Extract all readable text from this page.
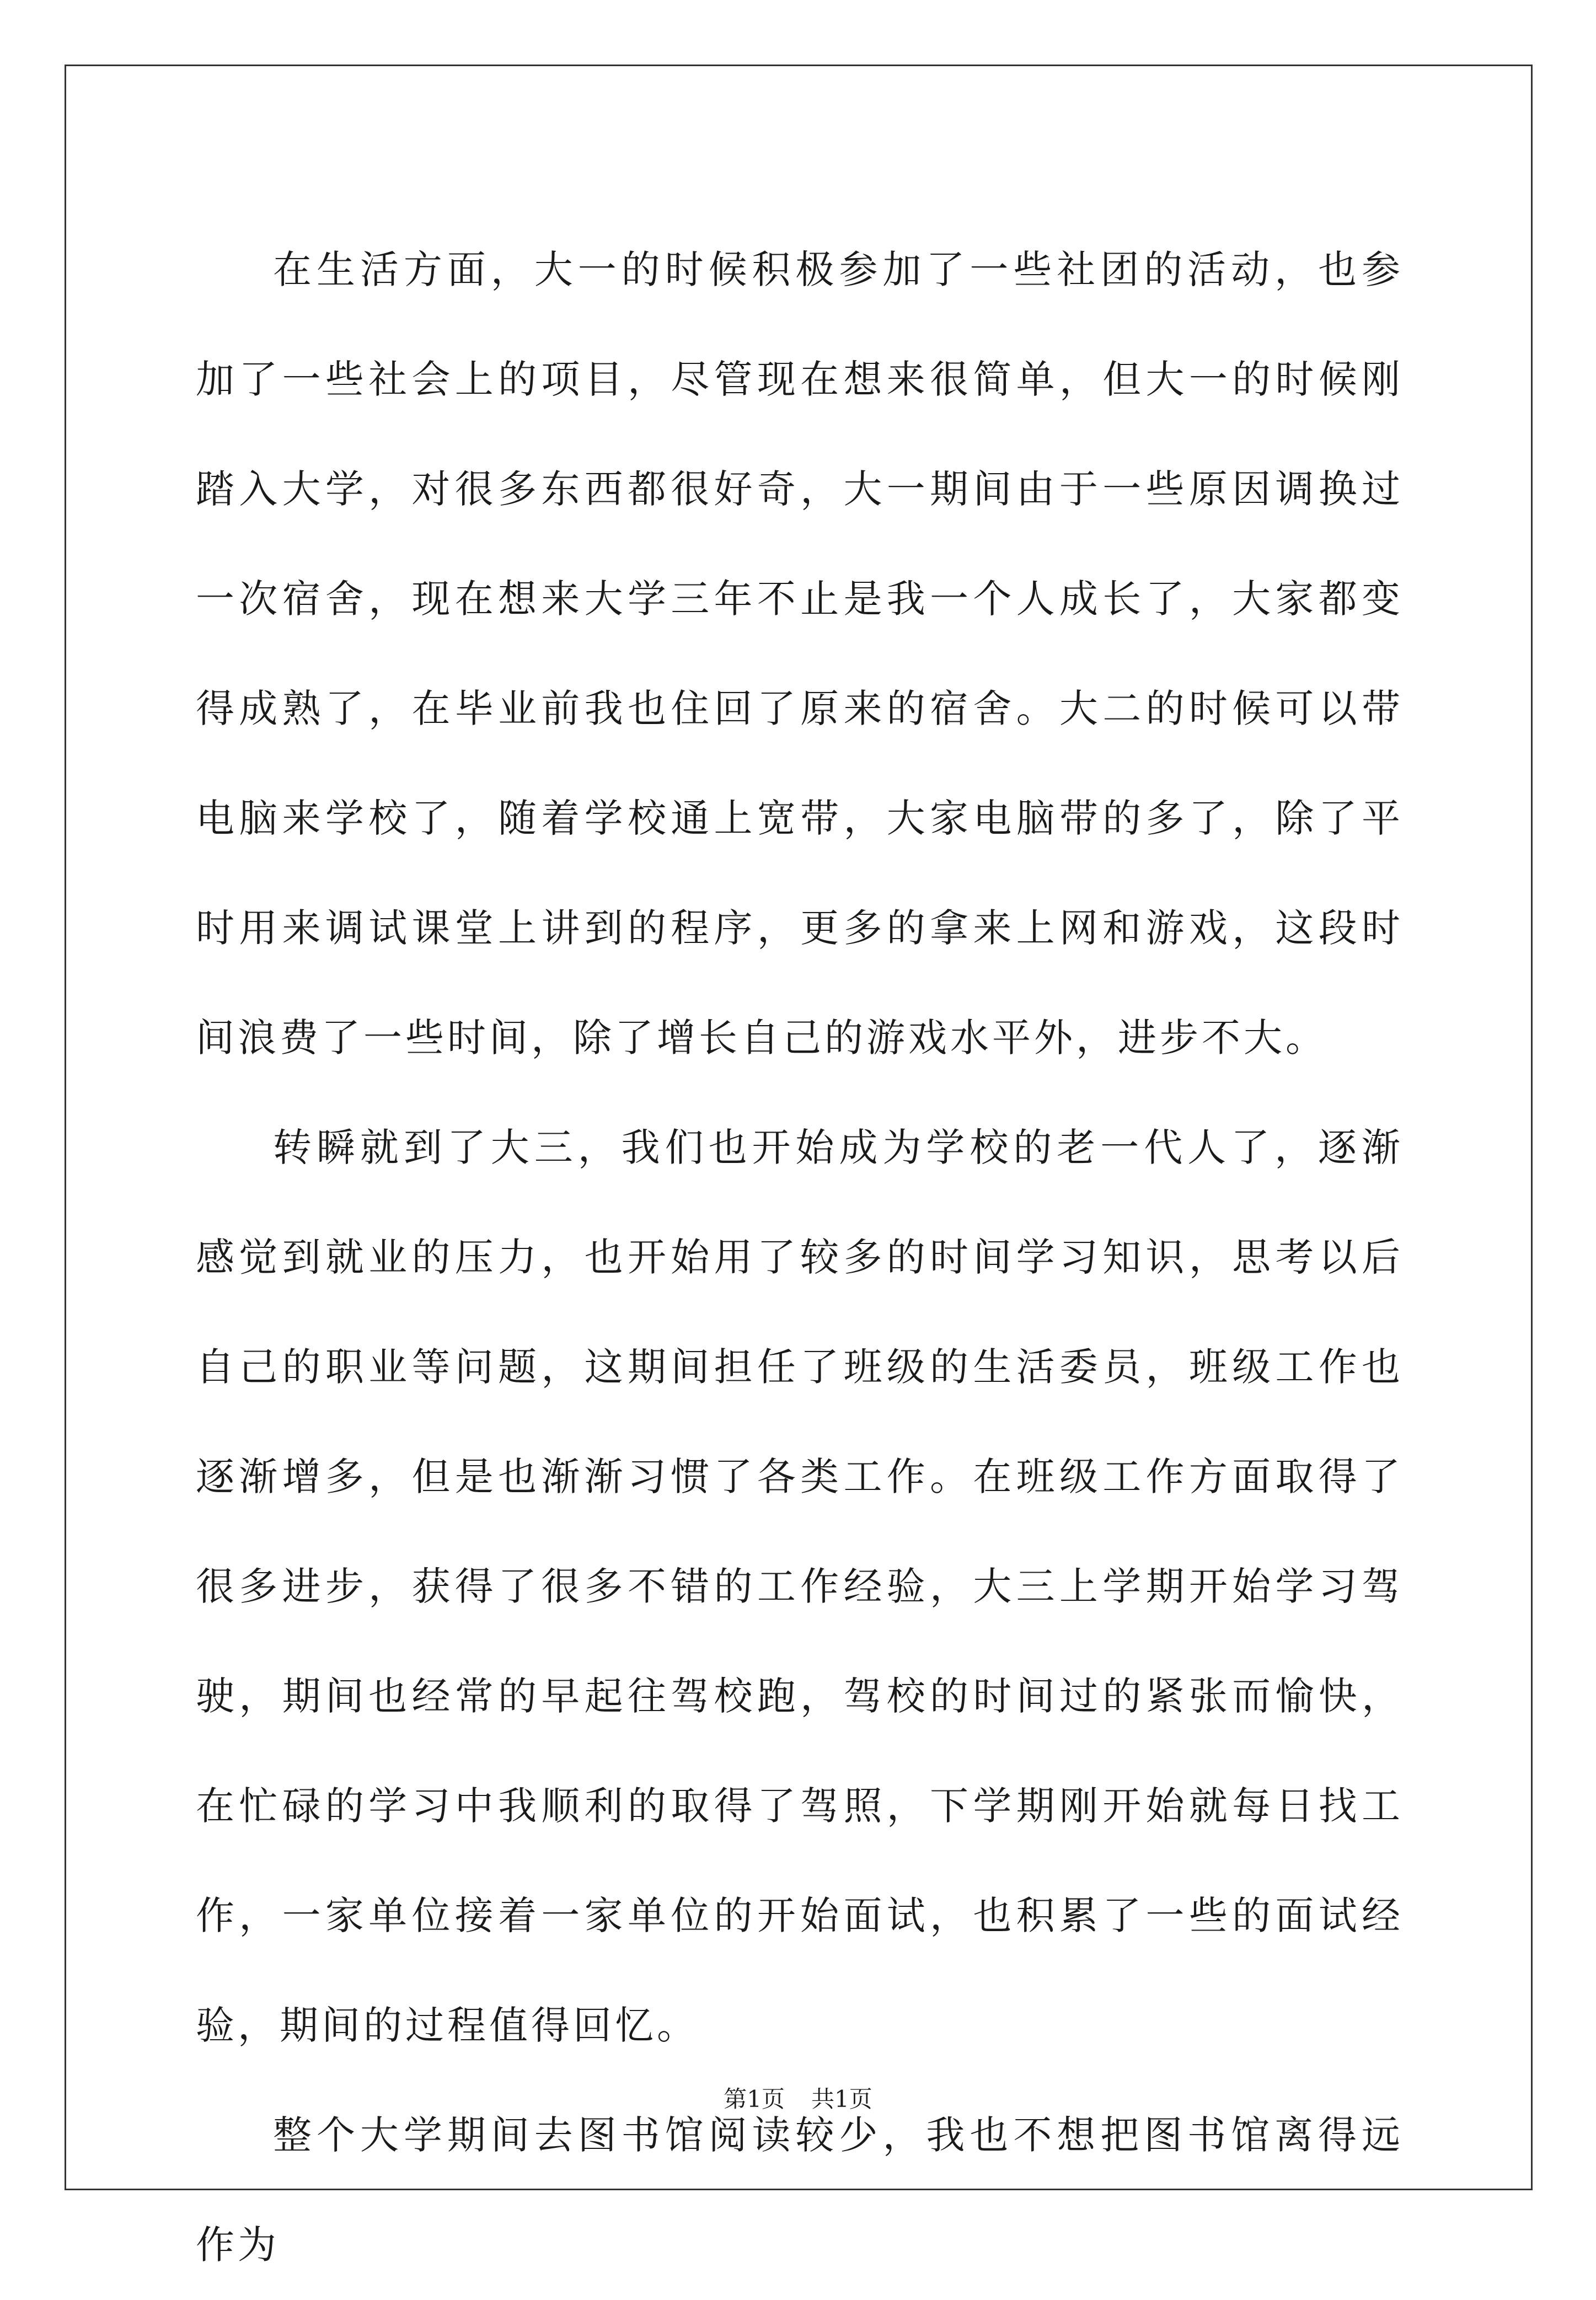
在生活方面，大一的时候积极参加了一些社团的活动，也参加了一些社会上的项目，尽管现在想来很简单，但大一的时候刚踏入大学，对很多东西都很好奇，大一期间由于一些原因调换过一次宿舍，现在想来大学三年不止是我一个人成长了，大家都变得成熟了，在毕业前我也住回了原来的宿舍。大二的时候可以带电脑来学校了，随着学校通上宽带，大家电脑带的多了，除了平时用来调试课堂上讲到的程序，更多的拿来上网和游戏，这段时间浪费了一些时间，除了增长自己的游戏水平外，进步不大。

转瞬就到了大三，我们也开始成为学校的老一代人了，逐渐感觉到就业的压力，也开始用了较多的时间学习知识，思考以后自己的职业等问题，这期间担任了班级的生活委员，班级工作也逐渐增多，但是也渐渐习惯了各类工作。在班级工作方面取得了很多进步，获得了很多不错的工作经验，大三上学期开始学习驾驶，期间也经常的早起往驾校跑，驾校的时间过的紧张而愉快，在忙碌的学习中我顺利的取得了驾照，下学期刚开始就每日找工作，一家单位接着一家单位的开始面试，也积累了一些的面试经验，期间的过程值得回忆。

整个大学期间去图书馆阅读较少，我也不想把图书馆离得远作为

第1页 共1页
